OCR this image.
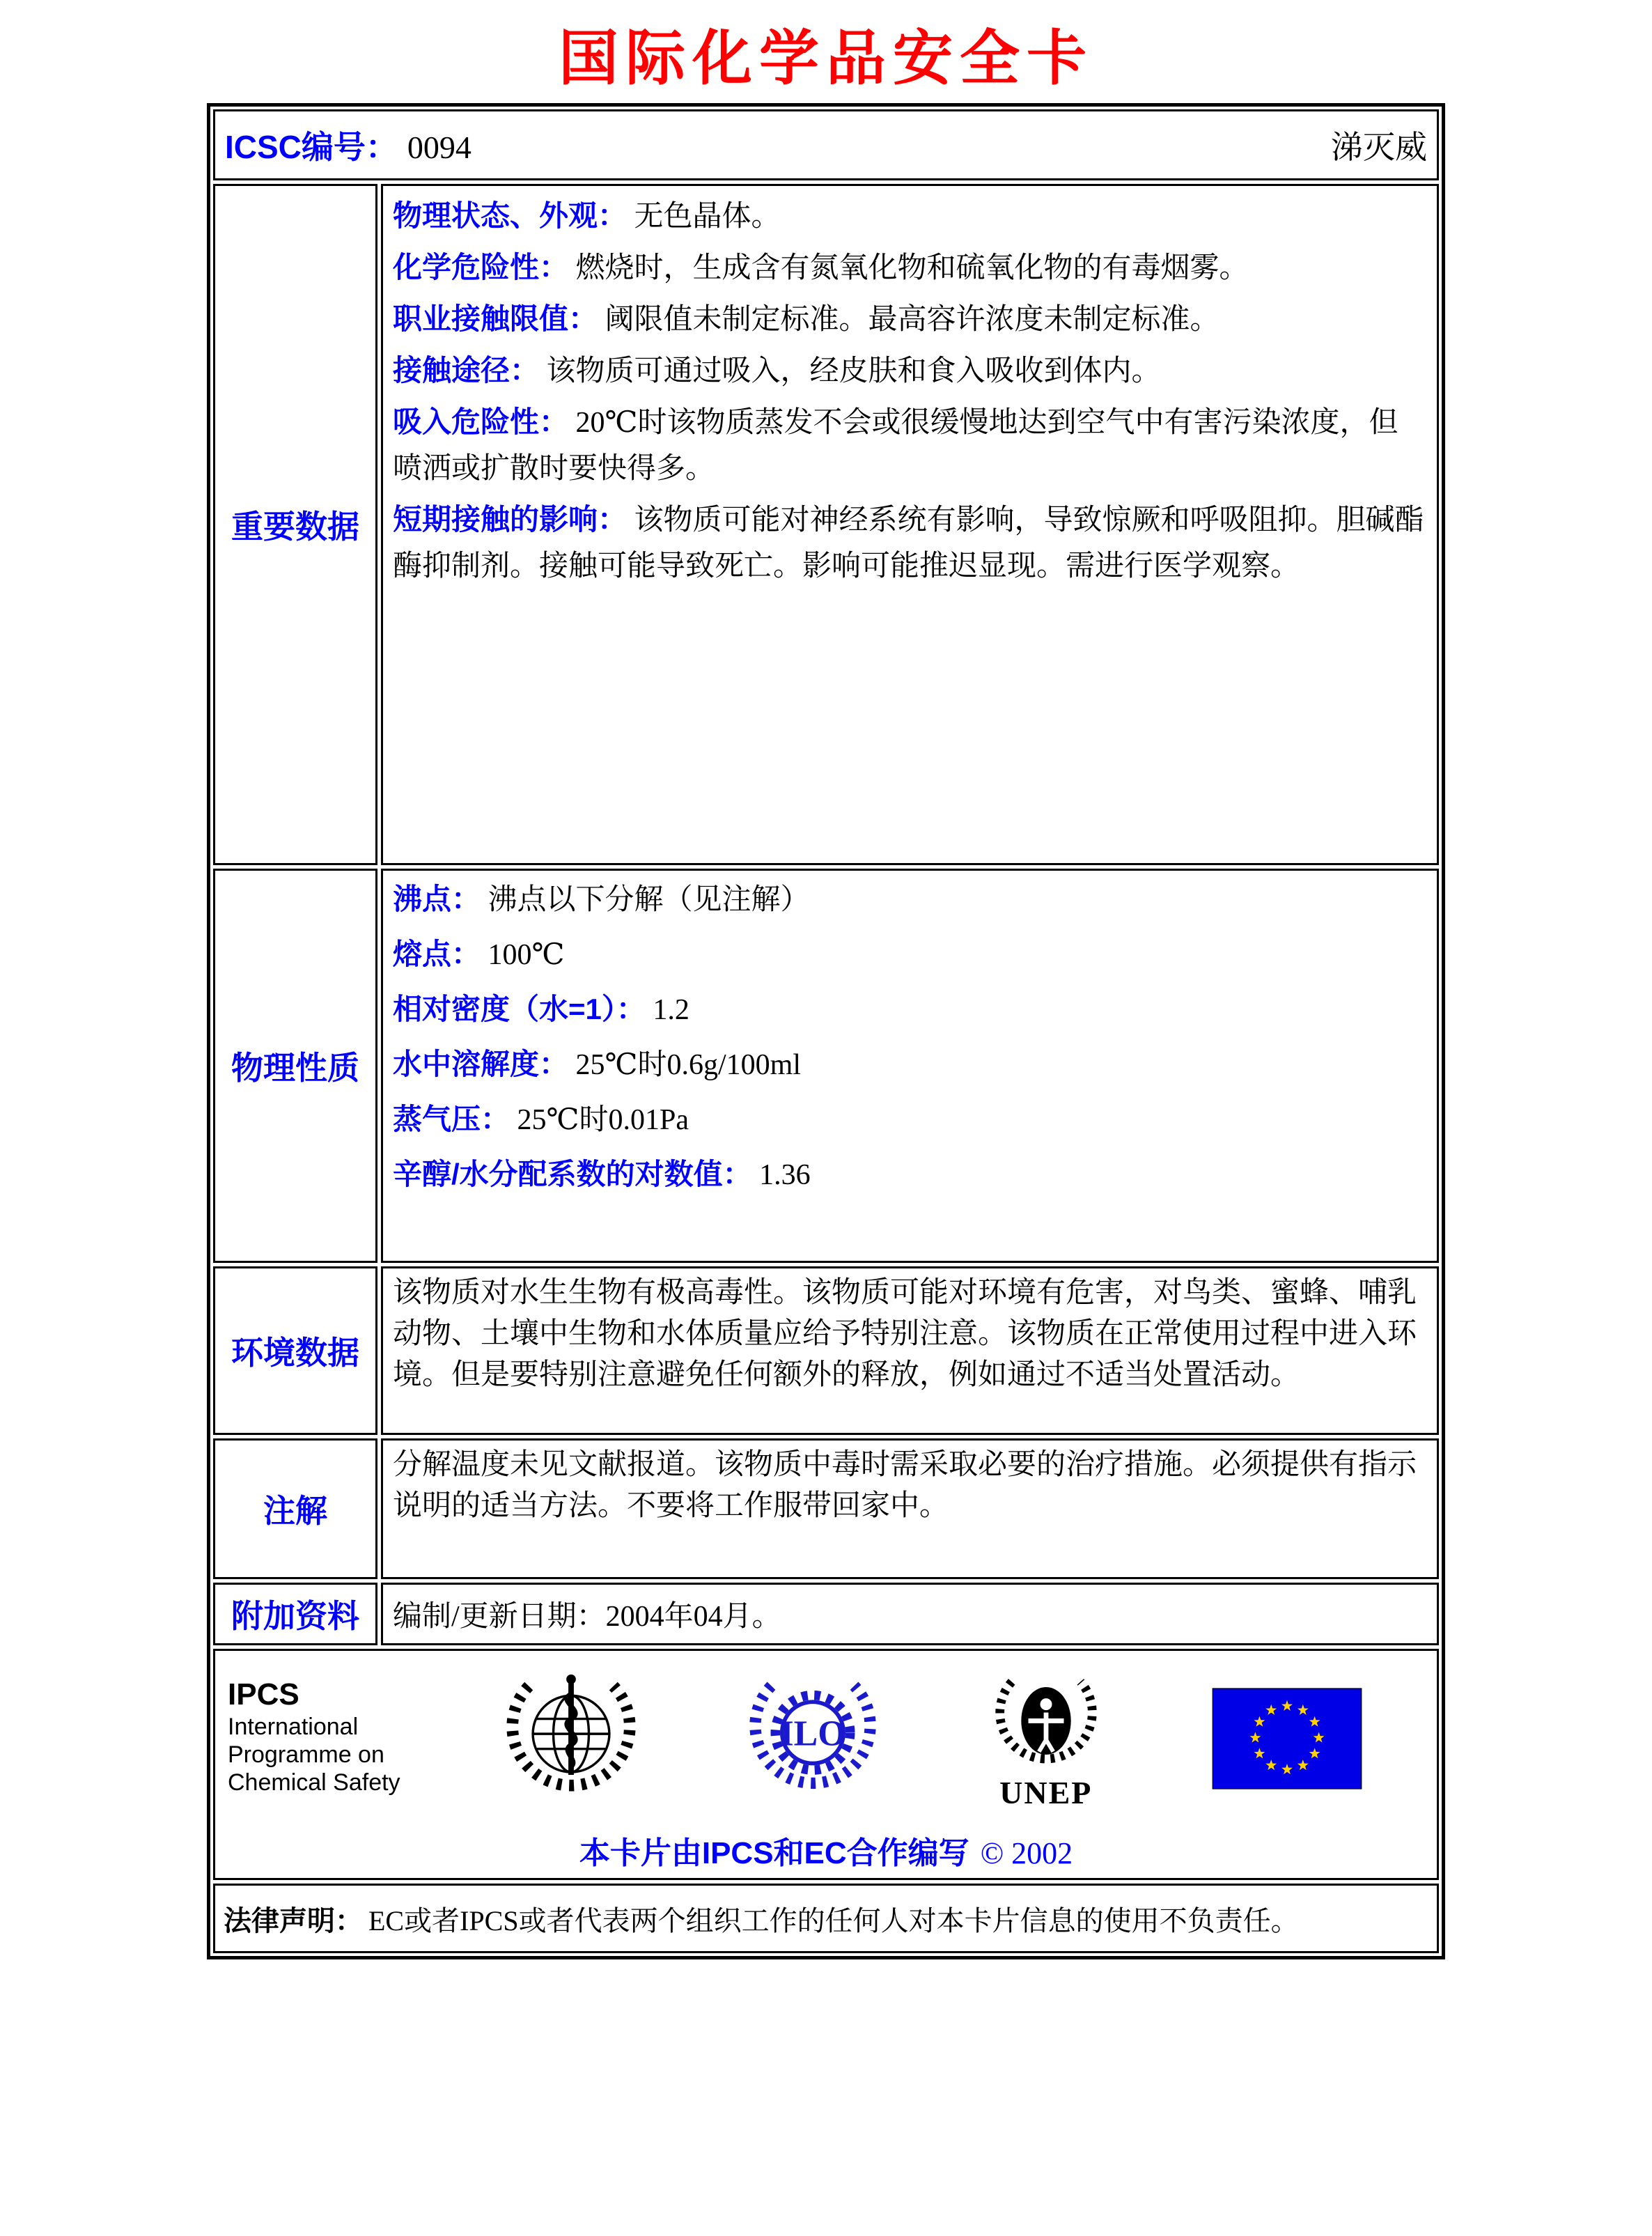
国际化学品安全卡
ICSC编号： 0094	涕灭威
重要数据

物理状态、外观： 无色晶体。

化学危险性： 燃烧时，生成含有氮氧化物和硫氧化物的有毒烟雾。

职业接触限值： 阈限值未制定标准。最高容许浓度未制定标准。

接触途径： 该物质可通过吸入，经皮肤和食入吸收到体内。

吸入危险性： 20℃时该物质蒸发不会或很缓慢地达到空气中有害污染浓度，但喷洒或扩散时要快得多。

短期接触的影响： 该物质可能对神经系统有影响，导致惊厥和呼吸阻抑。胆碱酯酶抑制剂。接触可能导致死亡。影响可能推迟显现。需进行医学观察。

物理性质

沸点： 沸点以下分解（见注解）

熔点： 100℃

相对密度（水=1）： 1.2

水中溶解度： 25℃时0.6g/100ml

蒸气压： 25℃时0.01Pa

辛醇/水分配系数的对数值： 1.36

环境数据
该物质对水生生物有极高毒性。该物质可能对环境有危害，对鸟类、蜜蜂、哺乳动物、土壤中生物和水体质量应给予特别注意。该物质在正常使用过程中进入环境。但是要特别注意避免任何额外的释放，例如通过不适当处置活动。
注解
分解温度未见文献报道。该物质中毒时需采取必要的治疗措施。必须提供有指示说明的适当方法。不要将工作服带回家中。
附加资料 编制/更新日期：2004年04月。
IPCS
International
Programme on
Chemical Safety
ILO
UNEP
本卡片由IPCS和EC合作编写 © 2002
法律声明： EC或者IPCS或者代表两个组织工作的任何人对本卡片信息的使用不负责任。
